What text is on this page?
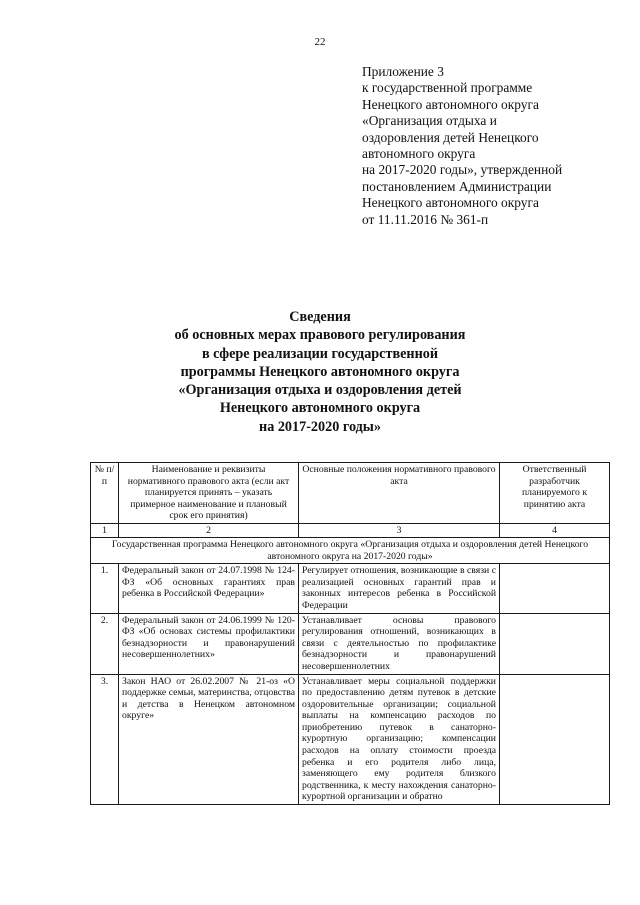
22
Приложение 3
к государственной программе
Ненецкого автономного округа
«Организация отдыха и
оздоровления детей Ненецкого
автономного округа
на 2017-2020 годы», утвержденной
постановлением Администрации
Ненецкого автономного округа
от 11.11.2016 № 361-п
Сведения
об основных мерах правового регулирования
в сфере реализации государственной
программы Ненецкого автономного округа
«Организация отдыха и оздоровления детей
Ненецкого автономного округа
на 2017-2020 годы»
№ п/п	Наименование и реквизиты нормативного правового акта (если акт планируется принять – указать примерное наименование и плановый срок его принятия)	Основные положения нормативного правового акта	Ответственный разработчик планируемого к принятию акта
1	2	3	4
Государственная программа Ненецкого автономного округа «Организация отдыха и оздоровления детей Ненецкого автономного округа на 2017-2020 годы»			
1.	Федеральный закон от 24.07.1998 № 124-ФЗ «Об основных гарантиях прав ребенка в Российской Федерации»	Регулирует отношения, возникающие в связи с реализацией основных гарантий прав и законных интересов ребенка в Российской Федерации	
2.	Федеральный закон от 24.06.1999 № 120-ФЗ «Об основах системы профилактики безнадзорности и правонарушений несовершеннолетних»	Устанавливает основы правового регулирования отношений, возникающих в связи с деятельностью по профилактике безнадзорности и правонарушений несовершеннолетних	
3.	Закон НАО от 26.02.2007 № 21-оз «О поддержке семьи, материнства, отцовства и детства в Ненецком автономном округе»	Устанавливает меры социальной поддержки по предоставлению детям путевок в детские оздоровительные организации; социальной выплаты на компенсацию расходов по приобретению путевок в санаторно-курортную организацию; компенсации расходов на оплату стоимости проезда ребенка и его родителя либо лица, заменяющего ему родителя близкого родственника, к месту нахождения санаторно-курортной организации и обратно	
